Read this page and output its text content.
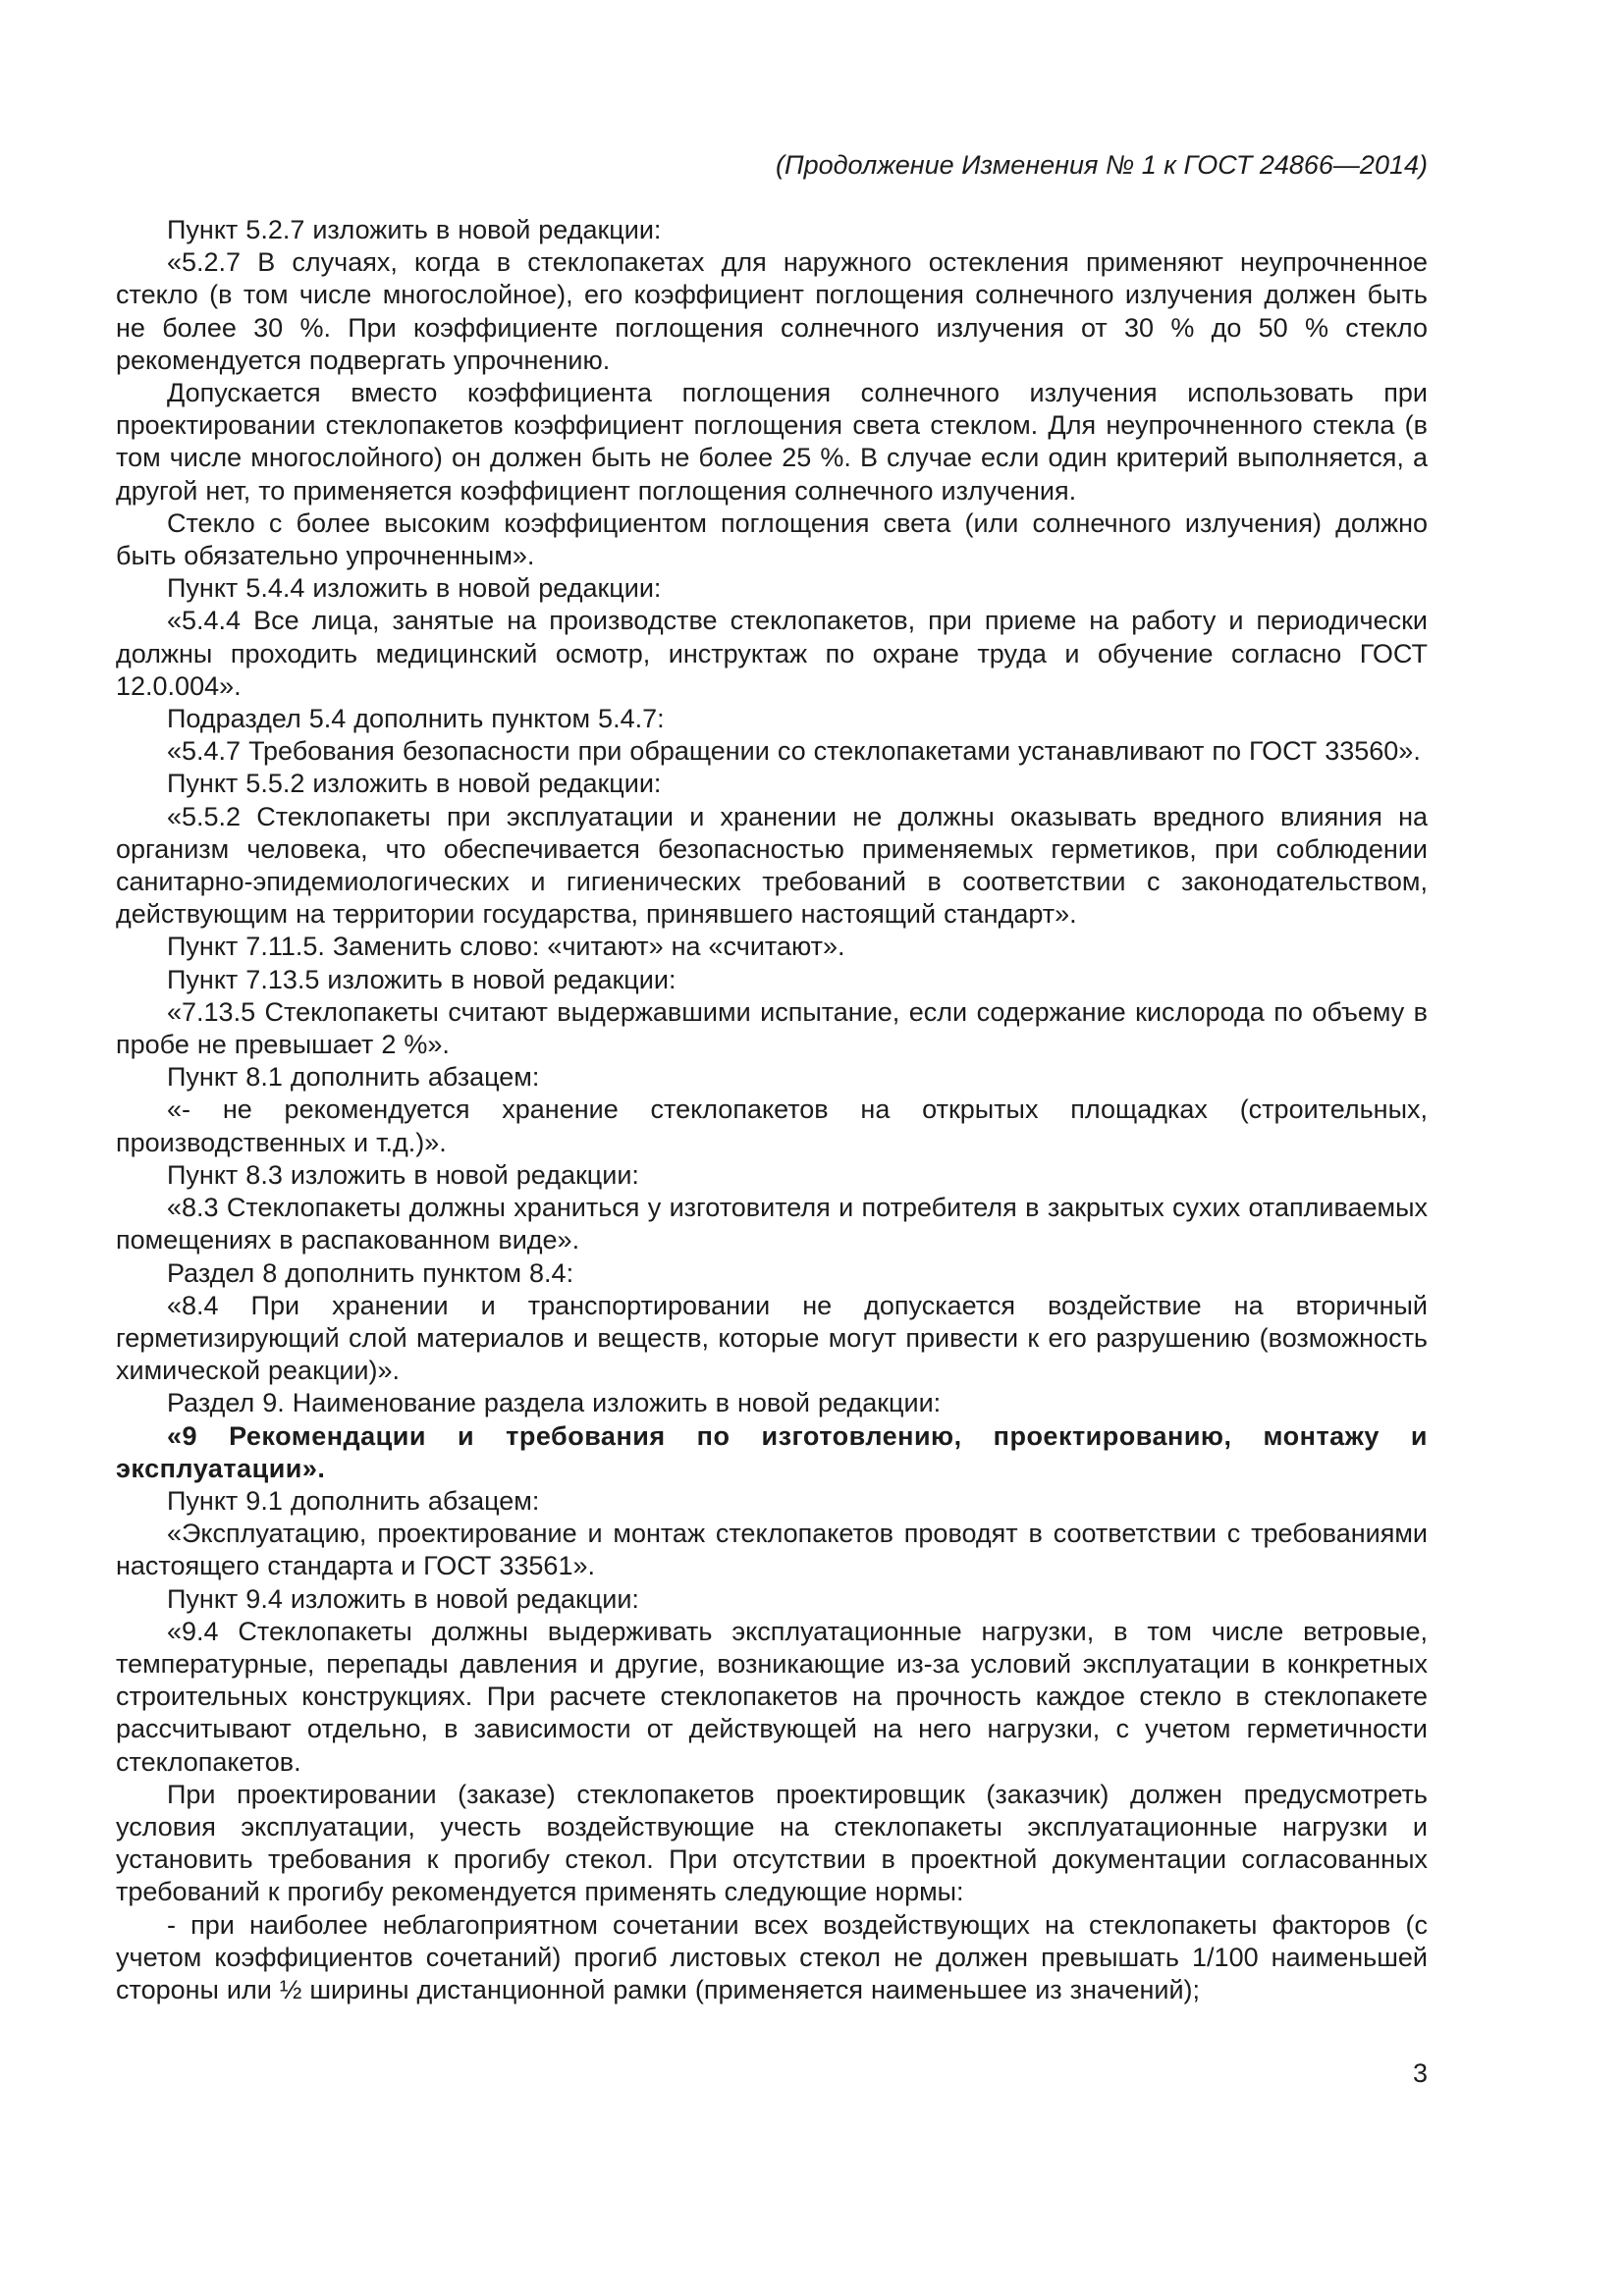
(Продолжение Изменения № 1 к ГОСТ 24866—2014)

Пункт 5.2.7 изложить в новой редакции:

«5.2.7 В случаях, когда в стеклопакетах для наружного остекления применяют неупрочненное стекло (в том числе многослойное), его коэффициент поглощения солнечного излучения должен быть не более 30 %. При коэффициенте поглощения солнечного излучения от 30 % до 50 % стекло рекомендуется подвергать упрочнению.

Допускается вместо коэффициента поглощения солнечного излучения использовать при проектировании стеклопакетов коэффициент поглощения света стеклом. Для неупрочненного стекла (в том числе многослойного) он должен быть не более 25 %. В случае если один критерий выполняется, а другой нет, то применяется коэффициент поглощения солнечного излучения.

Стекло с более высоким коэффициентом поглощения света (или солнечного излучения) должно быть обязательно упрочненным».

Пункт 5.4.4 изложить в новой редакции:

«5.4.4 Все лица, занятые на производстве стеклопакетов, при приеме на работу и периодически должны проходить медицинский осмотр, инструктаж по охране труда и обучение согласно ГОСТ 12.0.004».

Подраздел 5.4 дополнить пунктом 5.4.7:

«5.4.7 Требования безопасности при обращении со стеклопакетами устанавливают по ГОСТ 33560».

Пункт 5.5.2 изложить в новой редакции:

«5.5.2 Стеклопакеты при эксплуатации и хранении не должны оказывать вредного влияния на организм человека, что обеспечивается безопасностью применяемых герметиков, при соблюдении санитарно-эпидемиологических и гигиенических требований в соответствии с законодательством, действующим на территории государства, принявшего настоящий стандарт».

Пункт 7.11.5. Заменить слово: «читают» на «считают».

Пункт 7.13.5 изложить в новой редакции:

«7.13.5 Стеклопакеты считают выдержавшими испытание, если содержание кислорода по объему в пробе не превышает 2 %».

Пункт 8.1 дополнить абзацем:

«- не рекомендуется хранение стеклопакетов на открытых площадках (строительных, производственных и т.д.)».

Пункт 8.3 изложить в новой редакции:

«8.3 Стеклопакеты должны храниться у изготовителя и потребителя в закрытых сухих отапливаемых помещениях в распакованном виде».

Раздел 8 дополнить пунктом 8.4:

«8.4 При хранении и транспортировании не допускается воздействие на вторичный герметизирующий слой материалов и веществ, которые могут привести к его разрушению (возможность химической реакции)».

Раздел 9. Наименование раздела изложить в новой редакции:

«9 Рекомендации и требования по изготовлению, проектированию, монтажу и эксплуатации».

Пункт 9.1 дополнить абзацем:

«Эксплуатацию, проектирование и монтаж стеклопакетов проводят в соответствии с требованиями настоящего стандарта и ГОСТ 33561».

Пункт 9.4 изложить в новой редакции:

«9.4 Стеклопакеты должны выдерживать эксплуатационные нагрузки, в том числе ветровые, температурные, перепады давления и другие, возникающие из-за условий эксплуатации в конкретных строительных конструкциях. При расчете стеклопакетов на прочность каждое стекло в стеклопакете рассчитывают отдельно, в зависимости от действующей на него нагрузки, с учетом герметичности стеклопакетов.

При проектировании (заказе) стеклопакетов проектировщик (заказчик) должен предусмотреть условия эксплуатации, учесть воздействующие на стеклопакеты эксплуатационные нагрузки и установить требования к прогибу стекол. При отсутствии в проектной документации согласованных требований к прогибу рекомендуется применять следующие нормы:

- при наиболее неблагоприятном сочетании всех воздействующих на стеклопакеты факторов (с учетом коэффициентов сочетаний) прогиб листовых стекол не должен превышать 1/100 наименьшей стороны или ½ ширины дистанционной рамки (применяется наименьшее из значений);

3
